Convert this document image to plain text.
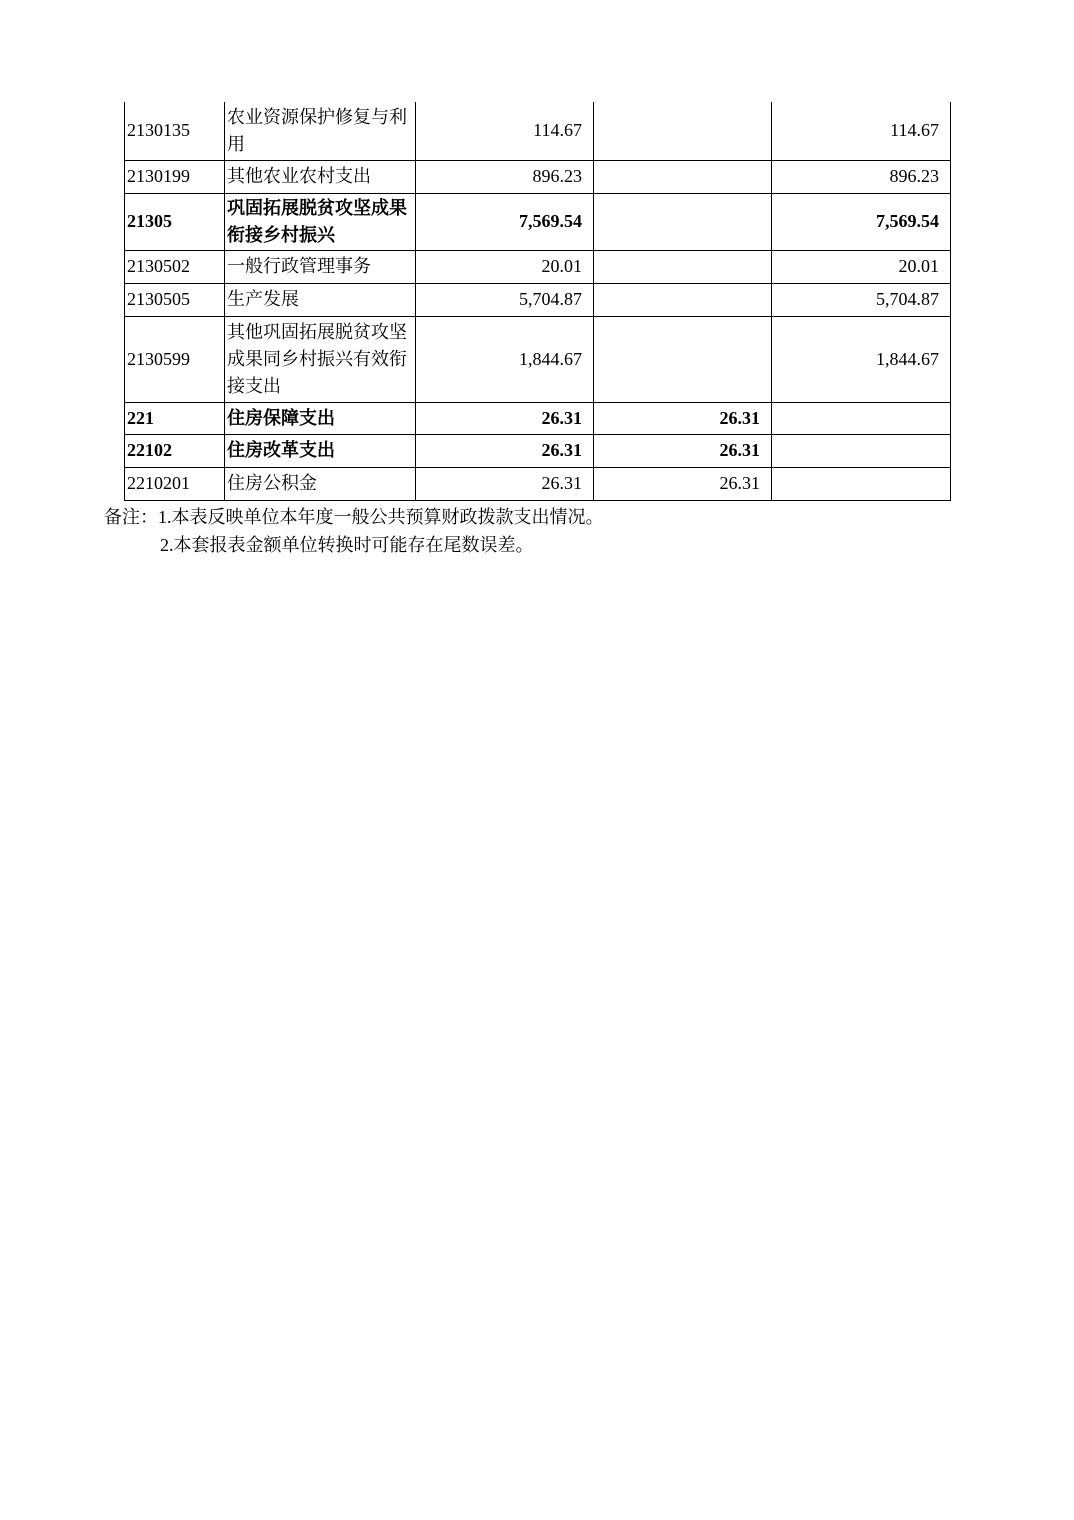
2130135	农业资源保护修复与利用	114.67		114.67
2130199	其他农业农村支出	896.23		896.23
21305	巩固拓展脱贫攻坚成果衔接乡村振兴	7,569.54		7,569.54
2130502	一般行政管理事务	20.01		20.01
2130505	生产发展	5,704.87		5,704.87
2130599	其他巩固拓展脱贫攻坚成果同乡村振兴有效衔接支出	1,844.67		1,844.67
221	住房保障支出	26.31	26.31	
22102	住房改革支出	26.31	26.31	
2210201	住房公积金	26.31	26.31	
备注：1.本表反映单位本年度一般公共预算财政拨款支出情况。
2.本套报表金额单位转换时可能存在尾数误差。
